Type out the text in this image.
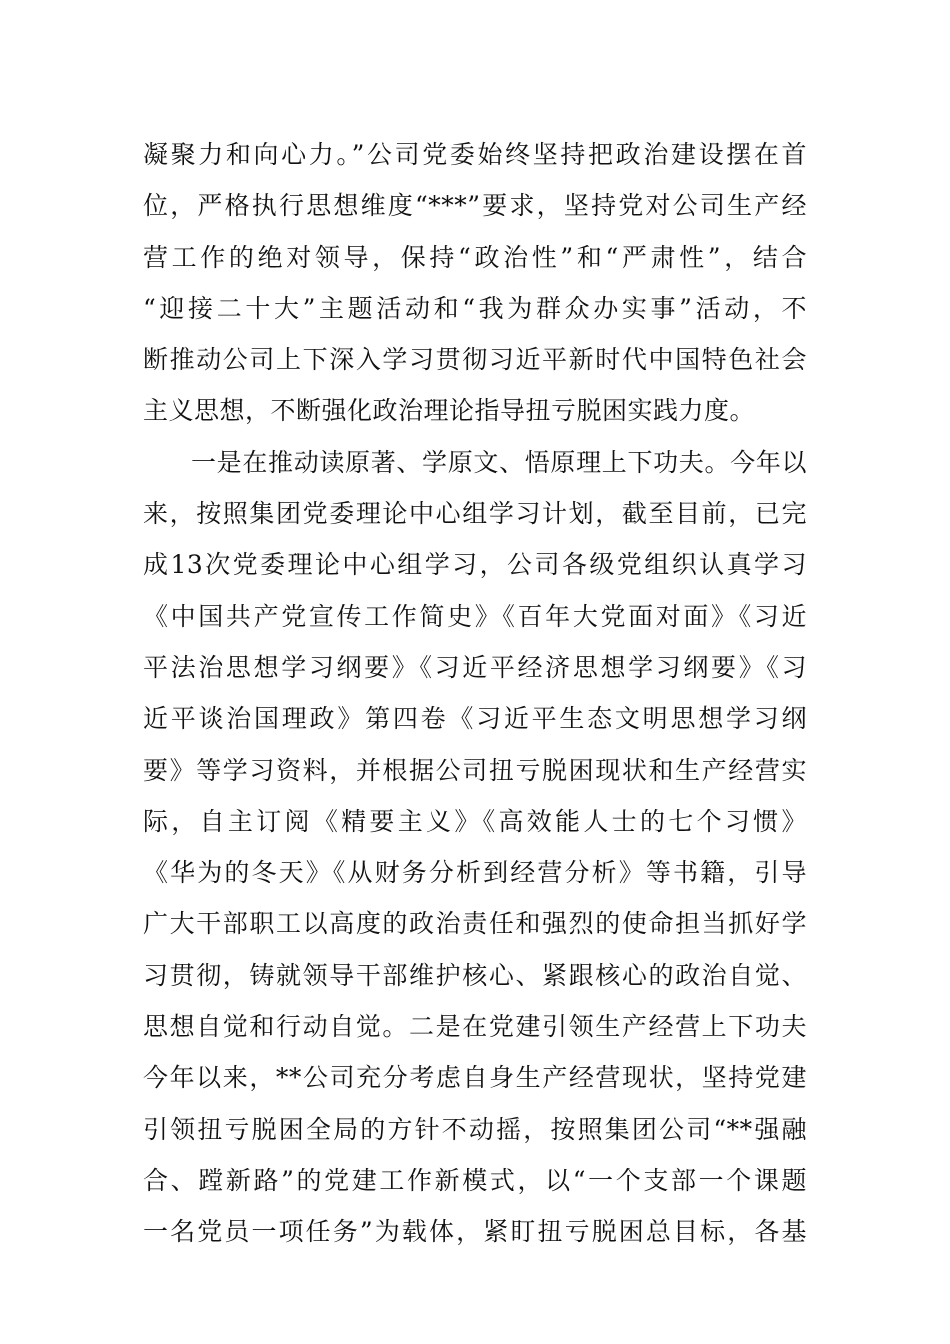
凝聚力和向心力。”公司党委始终坚持把政治建设摆在首
位，严格执行思想维度“***”要求，坚持党对公司生产经
营工作的绝对领导，保持“政治性”和“严肃性”，结合
“迎接二十大”主题活动和“我为群众办实事”活动，不
断推动公司上下深入学习贯彻习近平新时代中国特色社会
主义思想，不断强化政治理论指导扭亏脱困实践力度。
一是在推动读原著、学原文、悟原理上下功夫。今年以
来，按照集团党委理论中心组学习计划，截至目前，已完
成13次党委理论中心组学习，公司各级党组织认真学习
《中国共产党宣传工作简史》《百年大党面对面》《习近
平法治思想学习纲要》《习近平经济思想学习纲要》《习
近平谈治国理政》第四卷《习近平生态文明思想学习纲
要》等学习资料，并根据公司扭亏脱困现状和生产经营实
际，自主订阅《精要主义》《高效能人士的七个习惯》
《华为的冬天》《从财务分析到经营分析》等书籍，引导
广大干部职工以高度的政治责任和强烈的使命担当抓好学
习贯彻，铸就领导干部维护核心、紧跟核心的政治自觉、
思想自觉和行动自觉。二是在党建引领生产经营上下功夫
今年以来，**公司充分考虑自身生产经营现状，坚持党建
引领扭亏脱困全局的方针不动摇，按照集团公司“**强融
合、蹚新路”的党建工作新模式，以“一个支部一个课题
一名党员一项任务”为载体，紧盯扭亏脱困总目标，各基
